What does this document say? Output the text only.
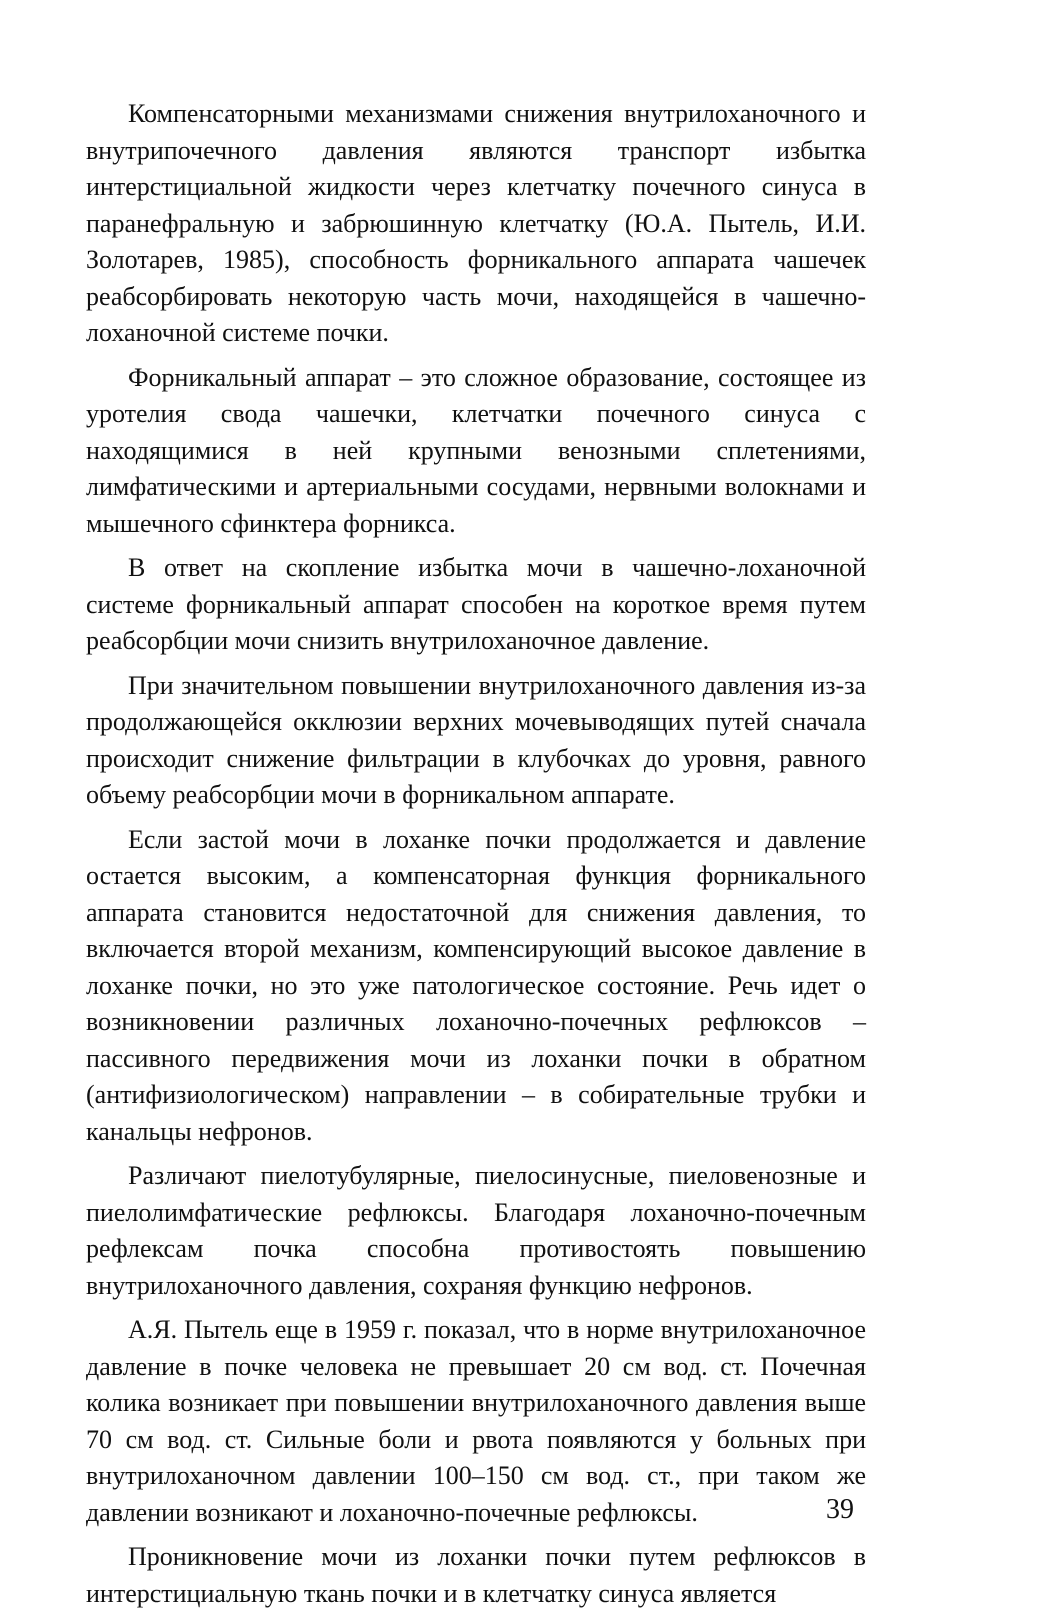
Компенсаторными механизмами снижения внутрилоханочного и внутрипочечного давления являются транспорт избытка интерстициальной жидкости через клетчатку почечного синуса в паранефральную и забрюшинную клетчатку (Ю.А. Пытель, И.И. Золотарев, 1985), способность форникального аппарата чашечек реабсорбировать некоторую часть мочи, находящейся в чашечно-лоханочной системе почки.

Форникальный аппарат – это сложное образование, состоящее из уротелия свода чашечки, клетчатки почечного синуса с находящимися в ней крупными венозными сплетениями, лимфатическими и артериальными сосудами, нервными волокнами и мышечного сфинктера форникса.

В ответ на скопление избытка мочи в чашечно-лоханочной системе форникальный аппарат способен на короткое время путем реабсорбции мочи снизить внутрилоханочное давление.

При значительном повышении внутрилоханочного давления из-за продолжающейся окклюзии верхних мочевыводящих путей сначала происходит снижение фильтрации в клубочках до уровня, равного объему реабсорбции мочи в форникальном аппарате.

Если застой мочи в лоханке почки продолжается и давление остается высоким, а компенсаторная функция форникального аппарата становится недостаточной для снижения давления, то включается второй механизм, компенсирующий высокое давление в лоханке почки, но это уже патологическое состояние. Речь идет о возникновении различных лоханочно-почечных рефлюксов – пассивного передвижения мочи из лоханки почки в обратном (антифизиологическом) направлении – в собирательные трубки и канальцы нефронов.

Различают пиелотубулярные, пиелосинусные, пиеловенозные и пиелолимфатические рефлюксы. Благодаря лоханочно-почечным рефлексам почка способна противостоять повышению внутрилоханочного давления, сохраняя функцию нефронов.

А.Я. Пытель еще в 1959 г. показал, что в норме внутрилоханочное давление в почке человека не превышает 20 см вод. ст. Почечная колика возникает при повышении внутрилоханочного давления выше 70 см вод. ст. Сильные боли и рвота появляются у больных при внутрилоханочном давлении 100–150 см вод. ст., при таком же давлении возникают и лоханочно-почечные рефлюксы.

Проникновение мочи из лоханки почки путем рефлюксов в интерстициальную ткань почки и в клетчатку синуса является

39
